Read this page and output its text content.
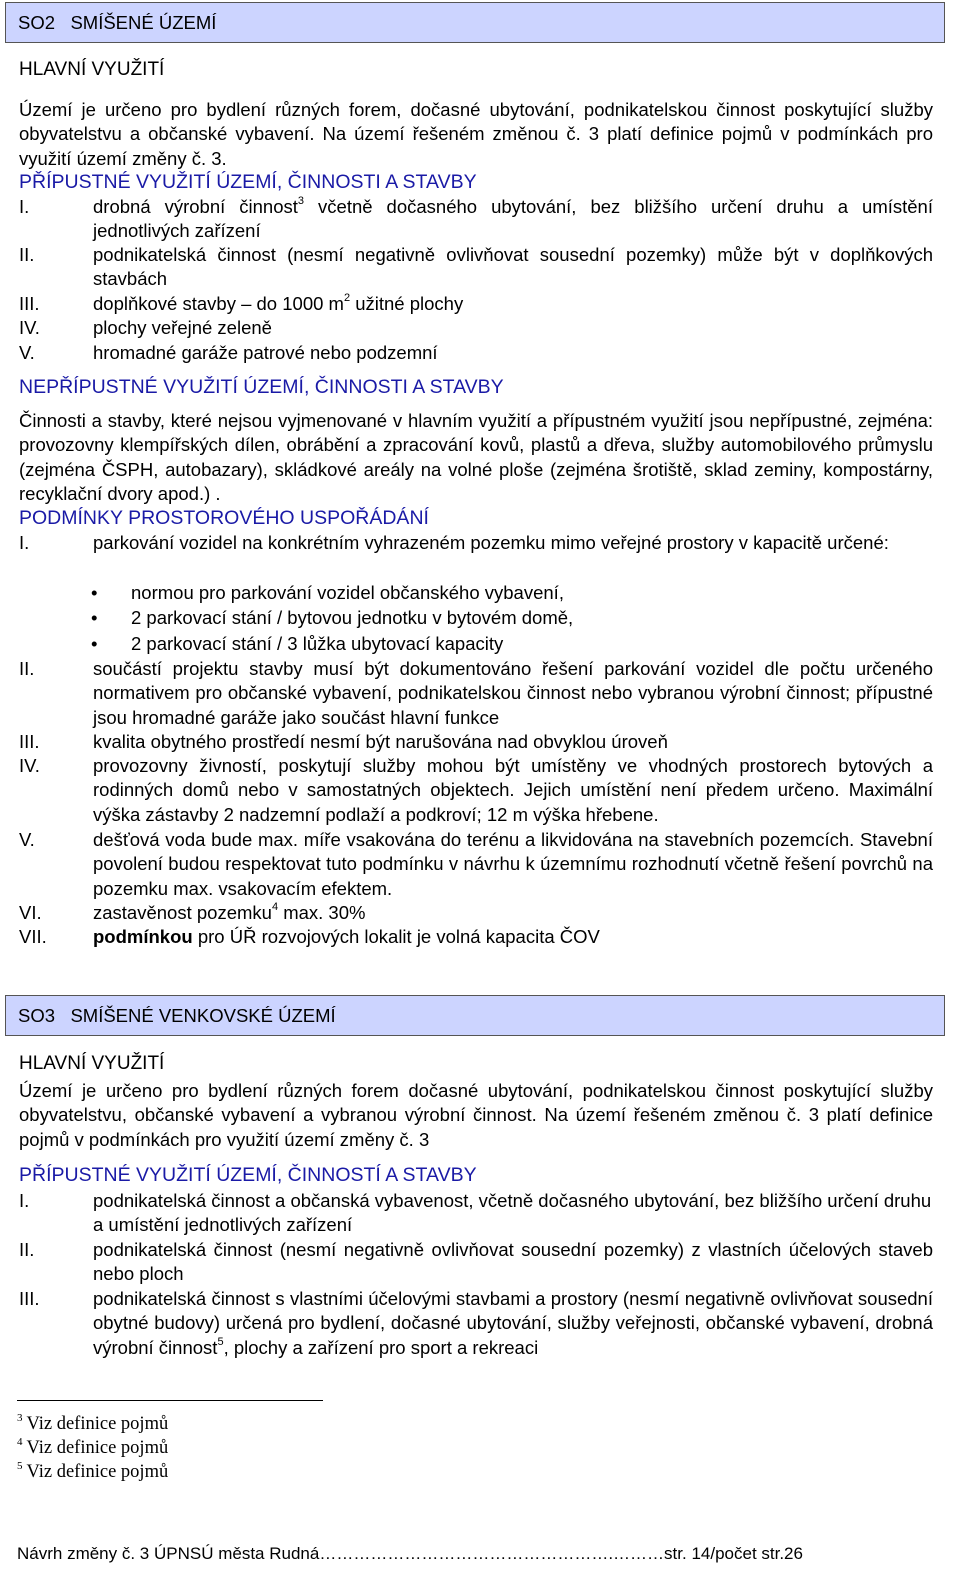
SO2   SMÍŠENÉ ÚZEMÍ
HLAVNÍ VYUŽITÍ
Území je určeno pro bydlení různých forem, dočasné ubytování, podnikatelskou činnost poskytující služby obyvatelstvu a občanské vybavení. Na území řešeném změnou č. 3 platí definice pojmů v podmínkách pro využití území změny č. 3.
PŘÍPUSTNÉ VYUŽITÍ ÚZEMÍ, ČINNOSTI A STAVBY
I.	drobná výrobní činnost$^3$ včetně dočasného ubytování, bez bližšího určení druhu a umístění jednotlivých zařízení
II.	podnikatelská činnost (nesmí negativně ovlivňovat sousední pozemky) může být v doplňkových stavbách
III.	doplňkové stavby – do 1000 $m^2$ užitné plochy
IV.	plochy veřejné zeleně
V.	hromadné garáže patrové nebo podzemní
NEPŘÍPUSTNÉ VYUŽITÍ ÚZEMÍ, ČINNOSTI A STAVBY
Činnosti a stavby, které nejsou vyjmenované v hlavním využití a přípustném využití jsou nepřípustné, zejména: provozovny klempířských dílen, obrábění a zpracování kovů, plastů a dřeva, služby automobilového průmyslu (zejména ČSPH, autobazary), skládkové areály na volné ploše (zejména šrotiště, sklad zeminy, kompostárny, recyklační dvory apod.) .
PODMÍNKY PROSTOROVÉHO USPOŘÁDÁNÍ
I.	parkování vozidel na konkrétním vyhrazeném pozemku mimo veřejné prostory v kapacitě určené:
• normou pro parkování vozidel občanského vybavení,
• 2 parkovací stání / bytovou jednotku v bytovém domě,
• 2 parkovací stání / 3 lůžka ubytovací kapacity
II.	součástí projektu stavby musí být dokumentováno řešení parkování vozidel dle počtu určeného normativem pro občanské vybavení, podnikatelskou činnost nebo vybranou výrobní činnost; přípustné jsou hromadné garáže jako součást hlavní funkce
III.	kvalita obytného prostředí nesmí být narušována nad obvyklou úroveň
IV.	provozovny živností, poskytují služby mohou být umístěny ve vhodných prostorech bytových a rodinných domů nebo v samostatných objektech. Jejich umístění není předem určeno. Maximální výška zástavby 2 nadzemní podlaží a podkroví; 12 m výška hřebene.
V.	dešťová voda bude max. míře vsakována do terénu a likvidována na stavebních pozemcích. Stavební povolení budou respektovat tuto podmínku v návrhu k územnímu rozhodnutí včetně řešení povrchů na pozemku max. vsakovacím efektem.
VI.	zastavěnost pozemku$^4$ max. 30%
VII.	podmínkou pro ÚŘ rozvojových lokalit je volná kapacita ČOV
SO3   SMÍŠENÉ VENKOVSKÉ ÚZEMÍ
HLAVNÍ VYUŽITÍ
Území je určeno pro bydlení různých forem dočasné ubytování, podnikatelskou činnost poskytující služby obyvatelstvu, občanské vybavení a vybranou výrobní činnost. Na území řešeném změnou č. 3 platí definice pojmů v podmínkách pro využití území změny č. 3
PŘÍPUSTNÉ VYUŽITÍ ÚZEMÍ, ČINNOSTÍ A STAVBY
I.	podnikatelská činnost a občanská vybavenost, včetně dočasného ubytování, bez bližšího určení druhu a umístění jednotlivých zařízení
II.	podnikatelská činnost (nesmí negativně ovlivňovat sousední pozemky) z vlastních účelových staveb nebo ploch
III.	podnikatelská činnost s vlastními účelovými stavbami a prostory (nesmí negativně ovlivňovat sousední obytné budovy) určená pro bydlení, dočasné ubytování, služby veřejnosti, občanské vybavení, drobná výrobní činnost$^5$, plochy a zařízení pro sport a rekreaci
$^3$ Viz definice pojmů
$^4$ Viz definice pojmů
$^5$ Viz definice pojmů
Návrh změny č. 3 ÚPNSÚ města Rudná…………………………………………….………str. 14/počet str.26
